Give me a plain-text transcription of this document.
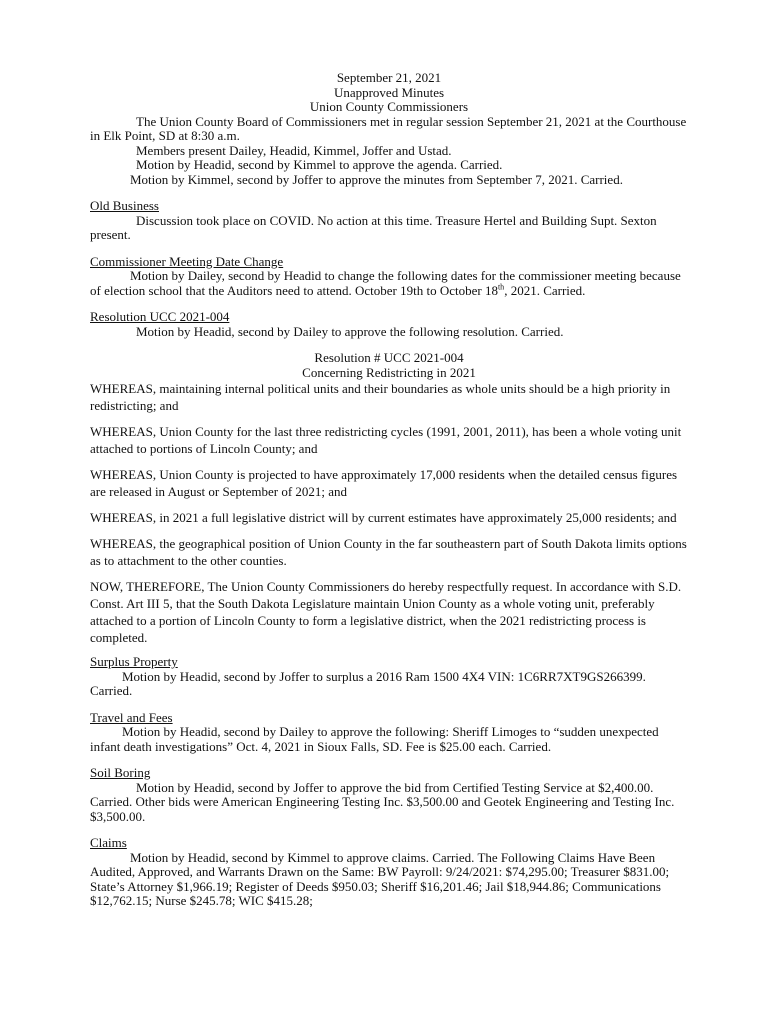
September 21, 2021

Unapproved Minutes

Union County Commissioners

The Union County Board of Commissioners met in regular session September 21, 2021 at the Courthouse in Elk Point, SD at 8:30 a.m.

Members present Dailey, Headid, Kimmel, Joffer and Ustad.

Motion by Headid, second by Kimmel to approve the agenda. Carried.

Motion by Kimmel, second by Joffer to approve the minutes from September 7, 2021. Carried.

Old Business

Discussion took place on COVID. No action at this time. Treasure Hertel and Building Supt. Sexton present.

Commissioner Meeting Date Change

Motion by Dailey, second by Headid to change the following dates for the commissioner meeting because of election school that the Auditors need to attend. October 19th to October 18th, 2021. Carried.

Resolution UCC 2021-004

Motion by Headid, second by Dailey to approve the following resolution. Carried.

Resolution # UCC 2021-004

Concerning Redistricting in 2021

WHEREAS, maintaining internal political units and their boundaries as whole units should be a high priority in redistricting; and

WHEREAS, Union County for the last three redistricting cycles (1991, 2001, 2011), has been a whole voting unit attached to portions of Lincoln County; and

WHEREAS, Union County is projected to have approximately 17,000 residents when the detailed census figures are released in August or September of 2021; and

WHEREAS, in 2021 a full legislative district will by current estimates have approximately 25,000 residents; and

WHEREAS, the geographical position of Union County in the far southeastern part of South Dakota limits options as to attachment to the other counties.

NOW, THEREFORE, The Union County Commissioners do hereby respectfully request. In accordance with S.D. Const. Art III 5, that the South Dakota Legislature maintain Union County as a whole voting unit, preferably attached to a portion of Lincoln County to form a legislative district, when the 2021 redistricting process is completed.

Surplus Property

Motion by Headid, second by Joffer to surplus a 2016 Ram 1500 4X4 VIN: 1C6RR7XT9GS266399. Carried.

Travel and Fees

Motion by Headid, second by Dailey to approve the following: Sheriff Limoges to “sudden unexpected infant death investigations” Oct. 4, 2021 in Sioux Falls, SD. Fee is $25.00 each. Carried.

Soil Boring

Motion by Headid, second by Joffer to approve the bid from Certified Testing Service at $2,400.00. Carried. Other bids were American Engineering Testing Inc. $3,500.00 and Geotek Engineering and Testing Inc. $3,500.00.

Claims

Motion by Headid, second by Kimmel to approve claims. Carried. The Following Claims Have Been Audited, Approved, and Warrants Drawn on the Same: BW Payroll: 9/24/2021: $74,295.00; Treasurer $831.00; State’s Attorney $1,966.19; Register of Deeds $950.03; Sheriff $16,201.46; Jail $18,944.86; Communications $12,762.15; Nurse $245.78; WIC $415.28;
